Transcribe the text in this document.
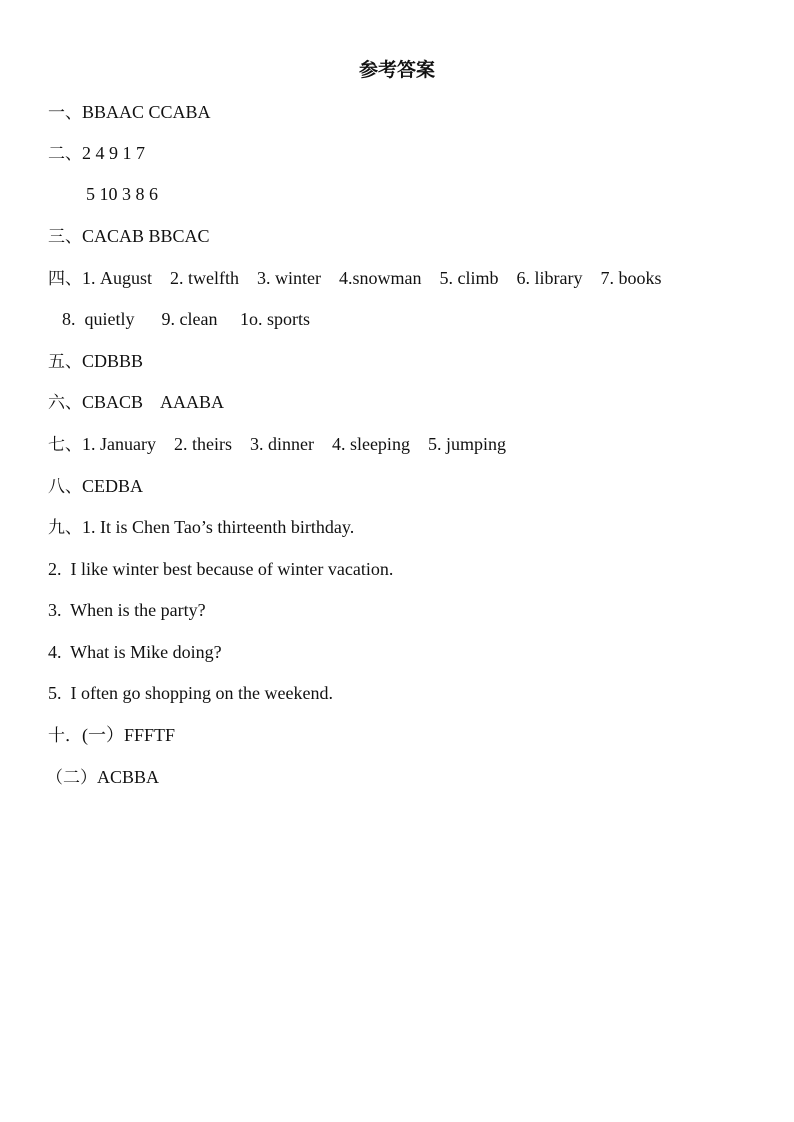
参考答案
一、BBAAC CCABA
二、2 4 9 1 7
5 10 3 8 6
三、CACAB BBCAC
四、1. August    2. twelfth    3. winter    4.snowman    5. climb    6. library    7. books
8.  quietly      9. clean     1o. sports
五、CDBBB
六、CBACB    AAABA
七、1. January    2. theirs    3. dinner    4. sleeping    5. jumping
八、CEDBA
九、1. It is Chen Tao’s thirteenth birthday.
2.  I like winter best because of winter vacation.
3.  When is the party?
4.  What is Mike doing?
5.  I often go shopping on the weekend.
十．(一）FFFTF
（二）ACBBA
